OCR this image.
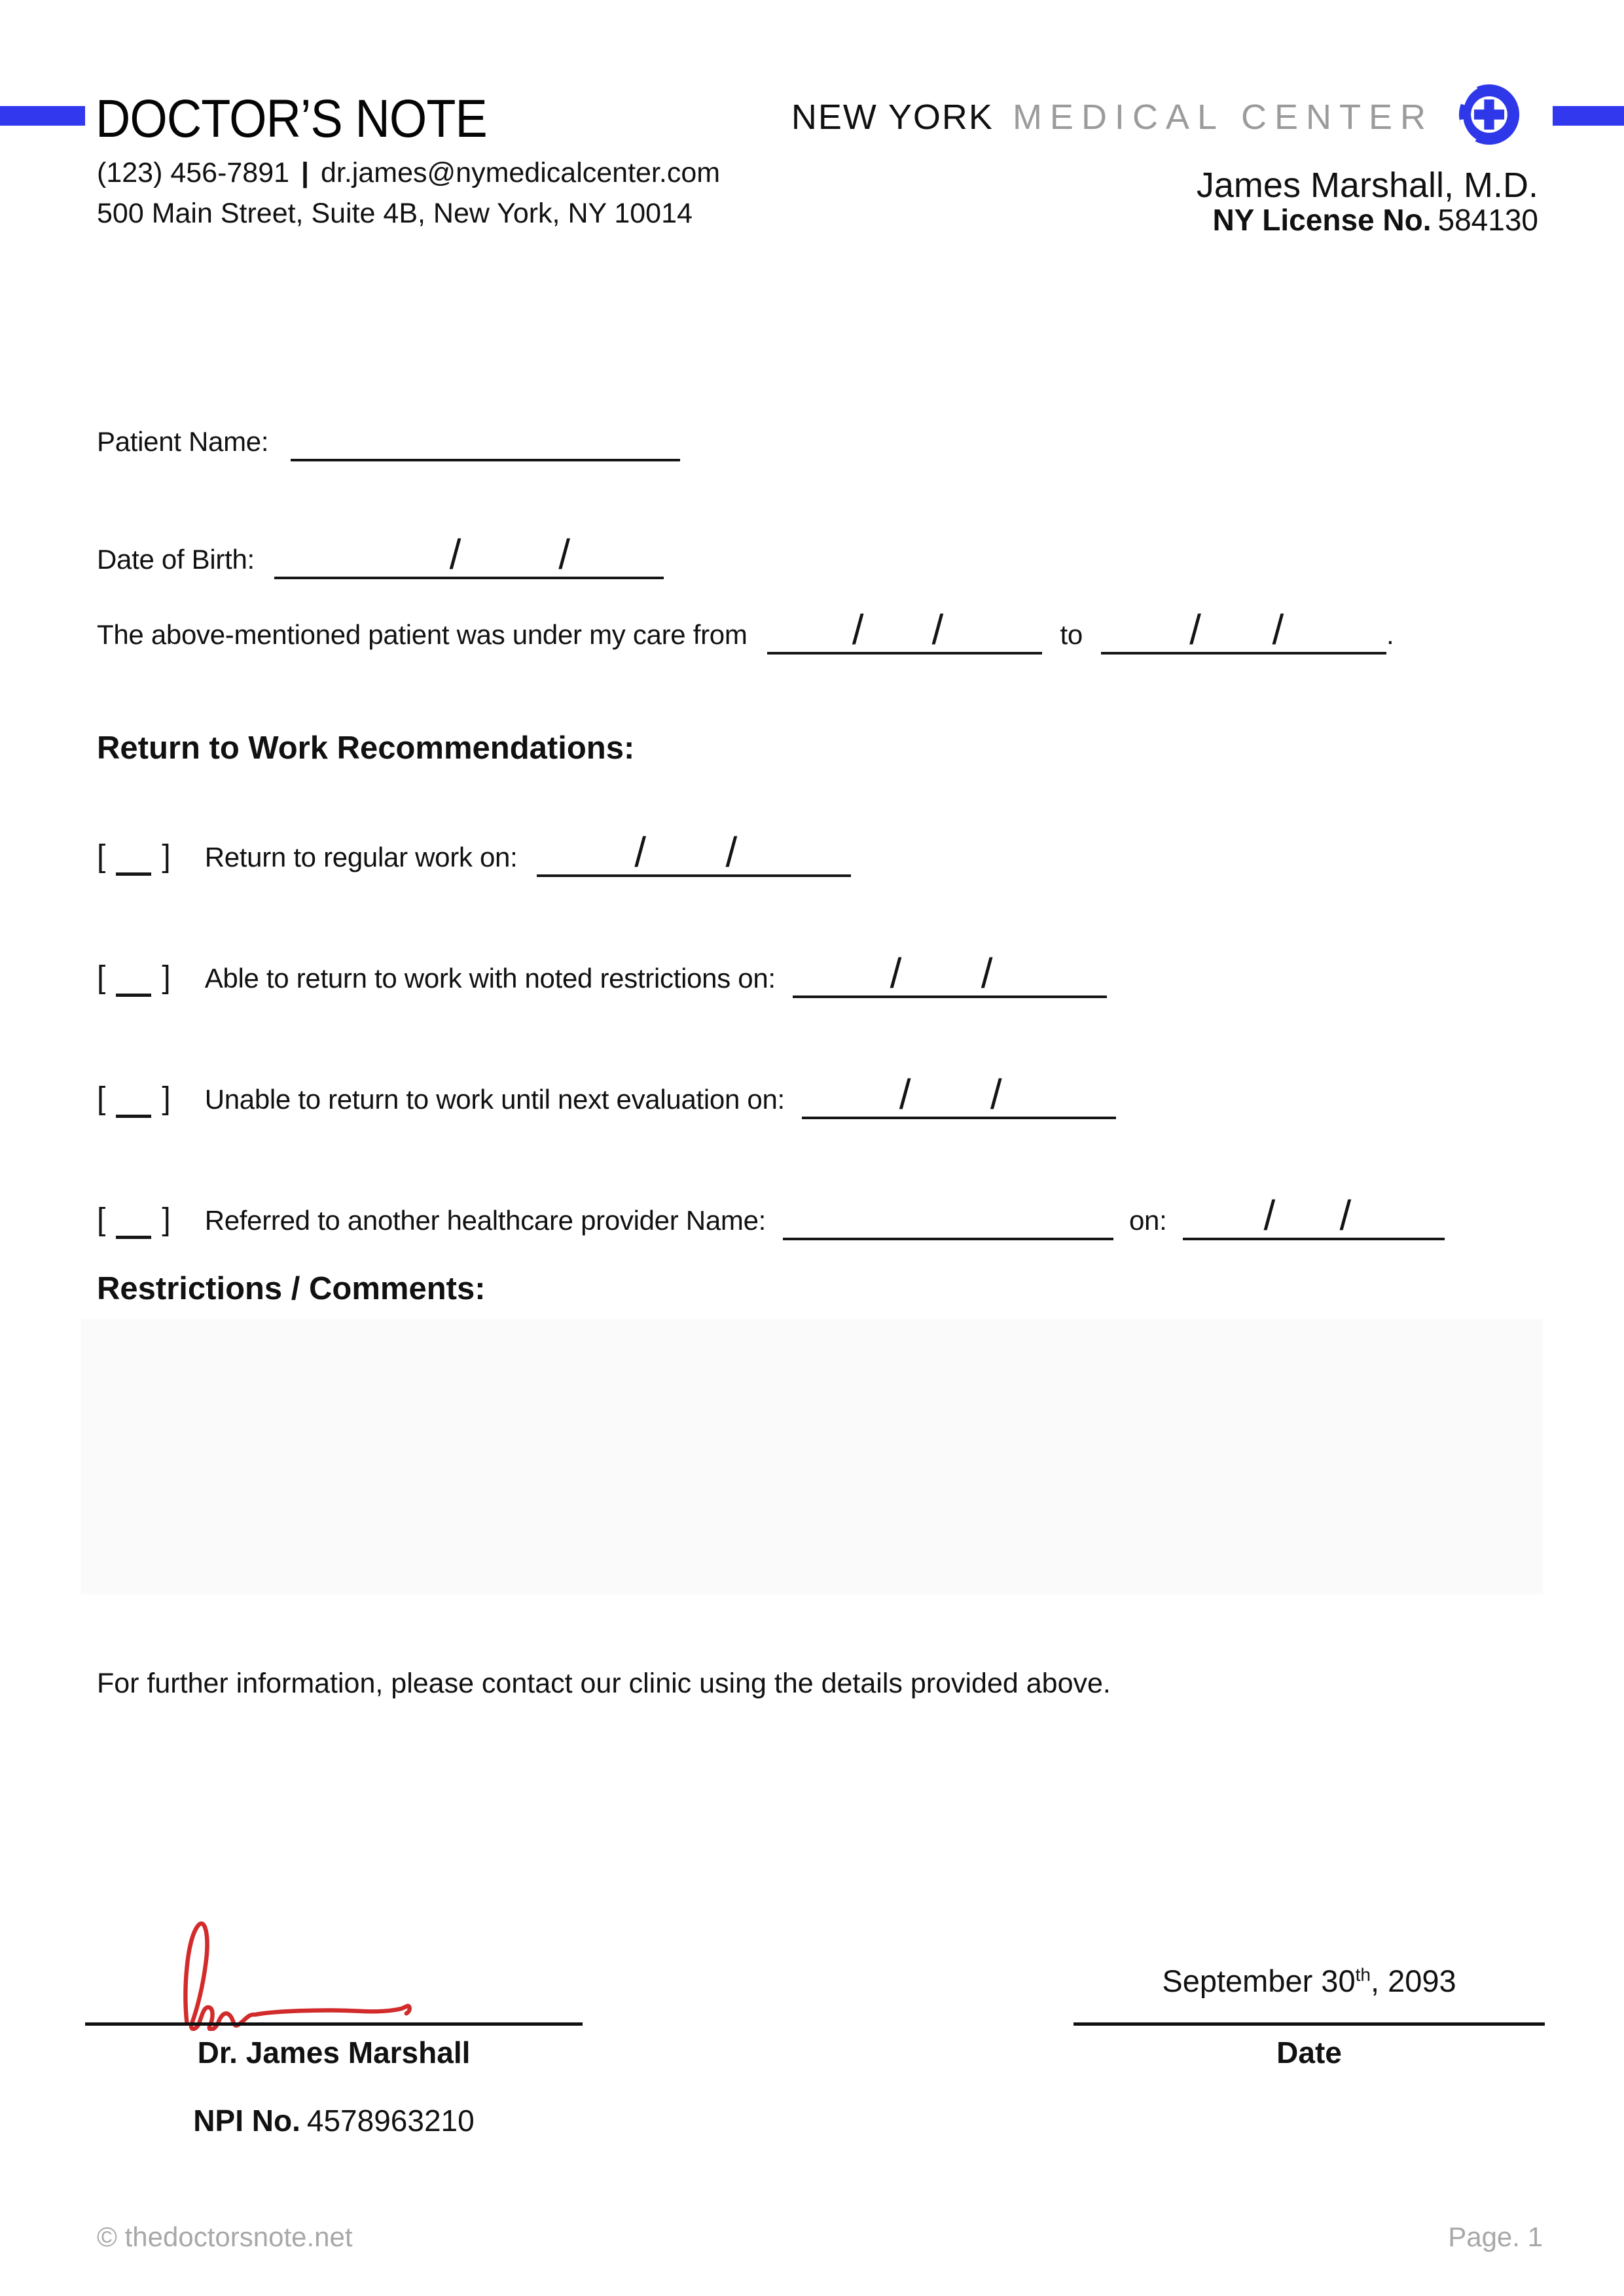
DOCTOR’S NOTE
(123) 456-7891 | dr.james@nymedicalcenter.com
500 Main Street, Suite 4B, New York, NY 10014
NEW YORK MEDICAL CENTER
James Marshall, M.D.
NY License No. 584130
Patient Name:
Date of Birth:	/ /
The above-mentioned patient was under my care from	/ /	to	/ /	.
Return to Work Recommendations:
[ ] Return to regular work on:	/ /
[ ] Able to return to work with noted restrictions on:	/ /
[ ] Unable to return to work until next evaluation on:	/ /
[ ] Referred to another healthcare provider Name:	on: / /
Restrictions / Comments:
For further information, please contact our clinic using the details provided above.
Dr. James Marshall
NPI No. 4578963210
September 30th, 2093
Date
© thedoctorsnote.net	Page. 1
